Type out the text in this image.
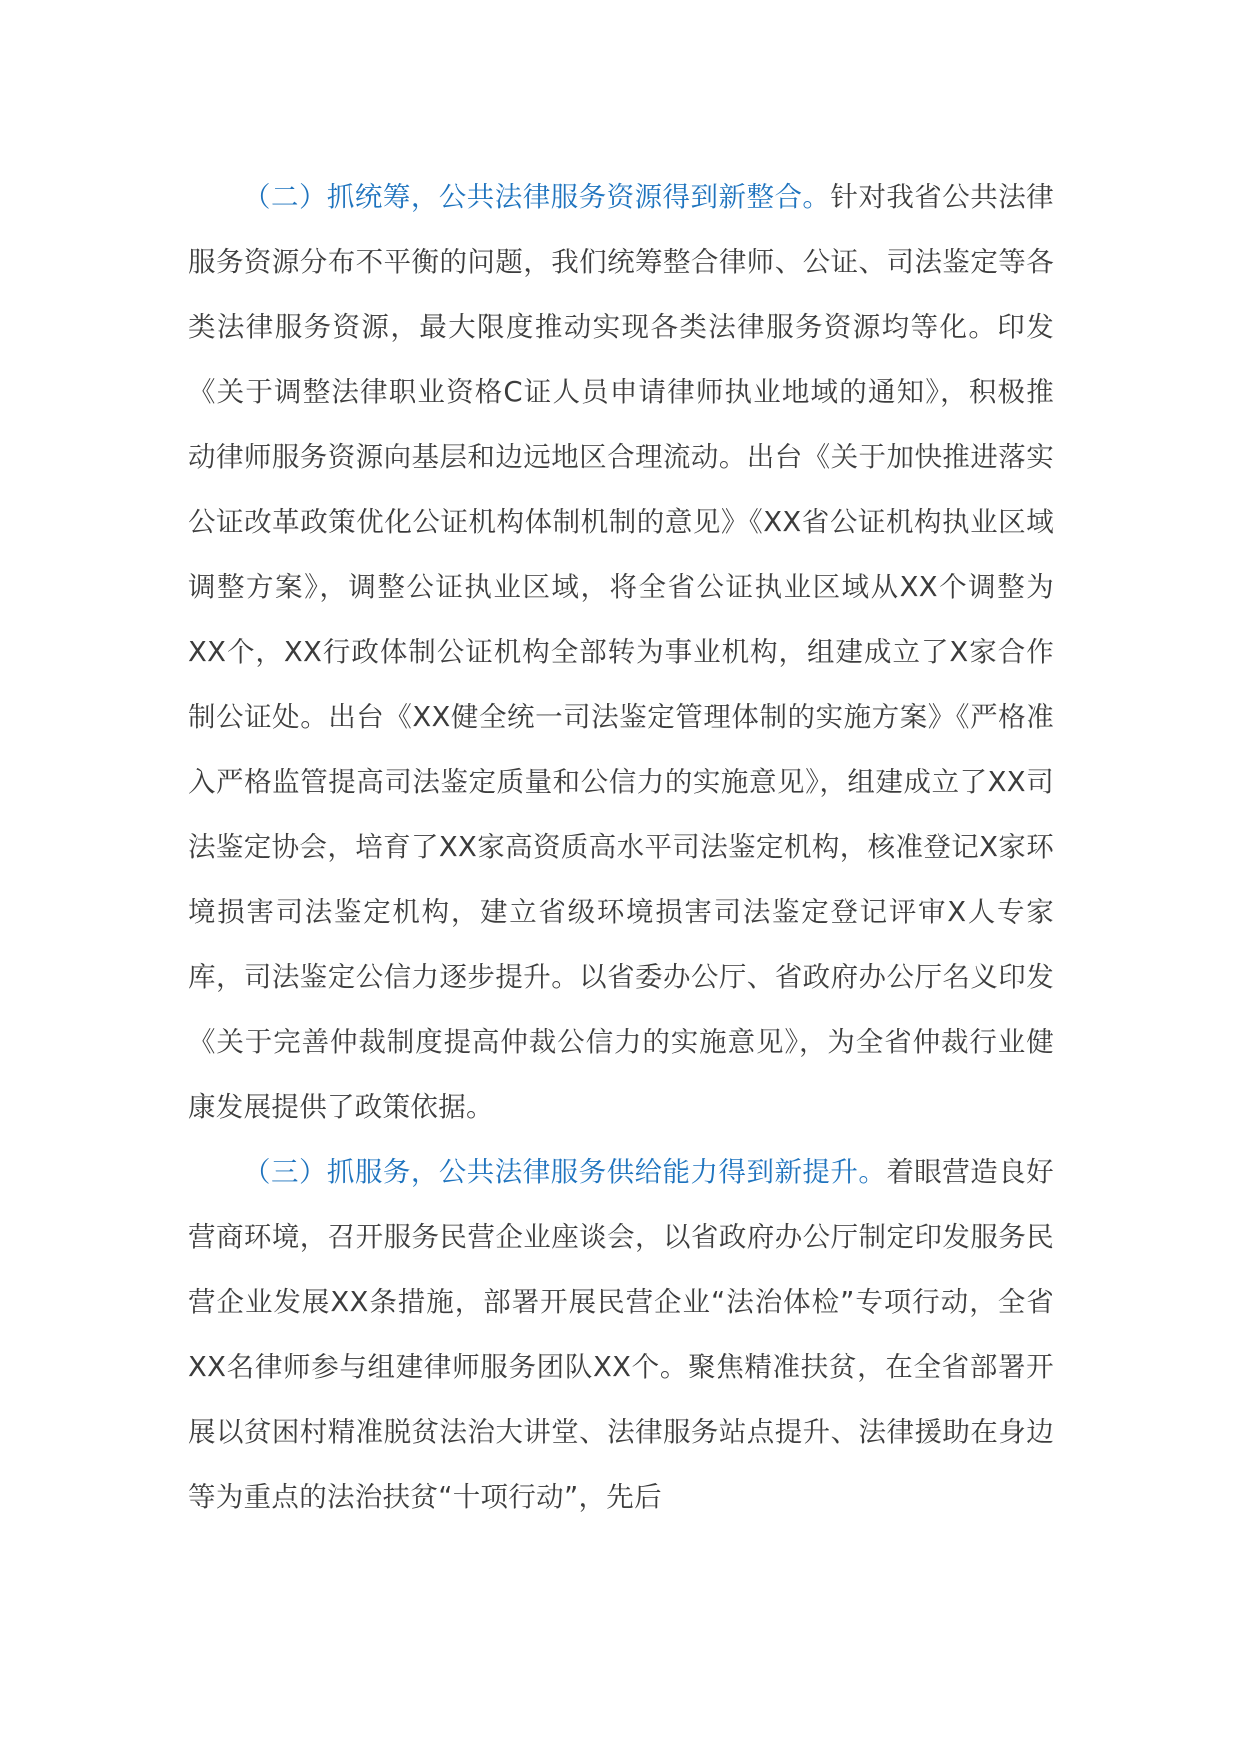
（二）抓统筹，公共法律服务资源得到新整合。针对我省公共法律服务资源分布不平衡的问题，我们统筹整合律师、公证、司法鉴定等各类法律服务资源，最大限度推动实现各类法律服务资源均等化。印发《关于调整法律职业资格C证人员申请律师执业地域的通知》，积极推动律师服务资源向基层和边远地区合理流动。出台《关于加快推进落实公证改革政策优化公证机构体制机制的意见》《XX省公证机构执业区域调整方案》，调整公证执业区域，将全省公证执业区域从XX个调整为XX个，XX行政体制公证机构全部转为事业机构，组建成立了X家合作制公证处。出台《XX健全统一司法鉴定管理体制的实施方案》《严格准入严格监管提高司法鉴定质量和公信力的实施意见》，组建成立了XX司法鉴定协会，培育了XX家高资质高水平司法鉴定机构，核准登记X家环境损害司法鉴定机构，建立省级环境损害司法鉴定登记评审X人专家库，司法鉴定公信力逐步提升。以省委办公厅、省政府办公厅名义印发《关于完善仲裁制度提高仲裁公信力的实施意见》，为全省仲裁行业健康发展提供了政策依据。

（三）抓服务，公共法律服务供给能力得到新提升。着眼营造良好营商环境，召开服务民营企业座谈会，以省政府办公厅制定印发服务民营企业发展XX条措施，部署开展民营企业“法治体检”专项行动，全省XX名律师参与组建律师服务团队XX个。聚焦精准扶贫，在全省部署开展以贫困村精准脱贫法治大讲堂、法律服务站点提升、法律援助在身边等为重点的法治扶贫“十项行动”，先后
